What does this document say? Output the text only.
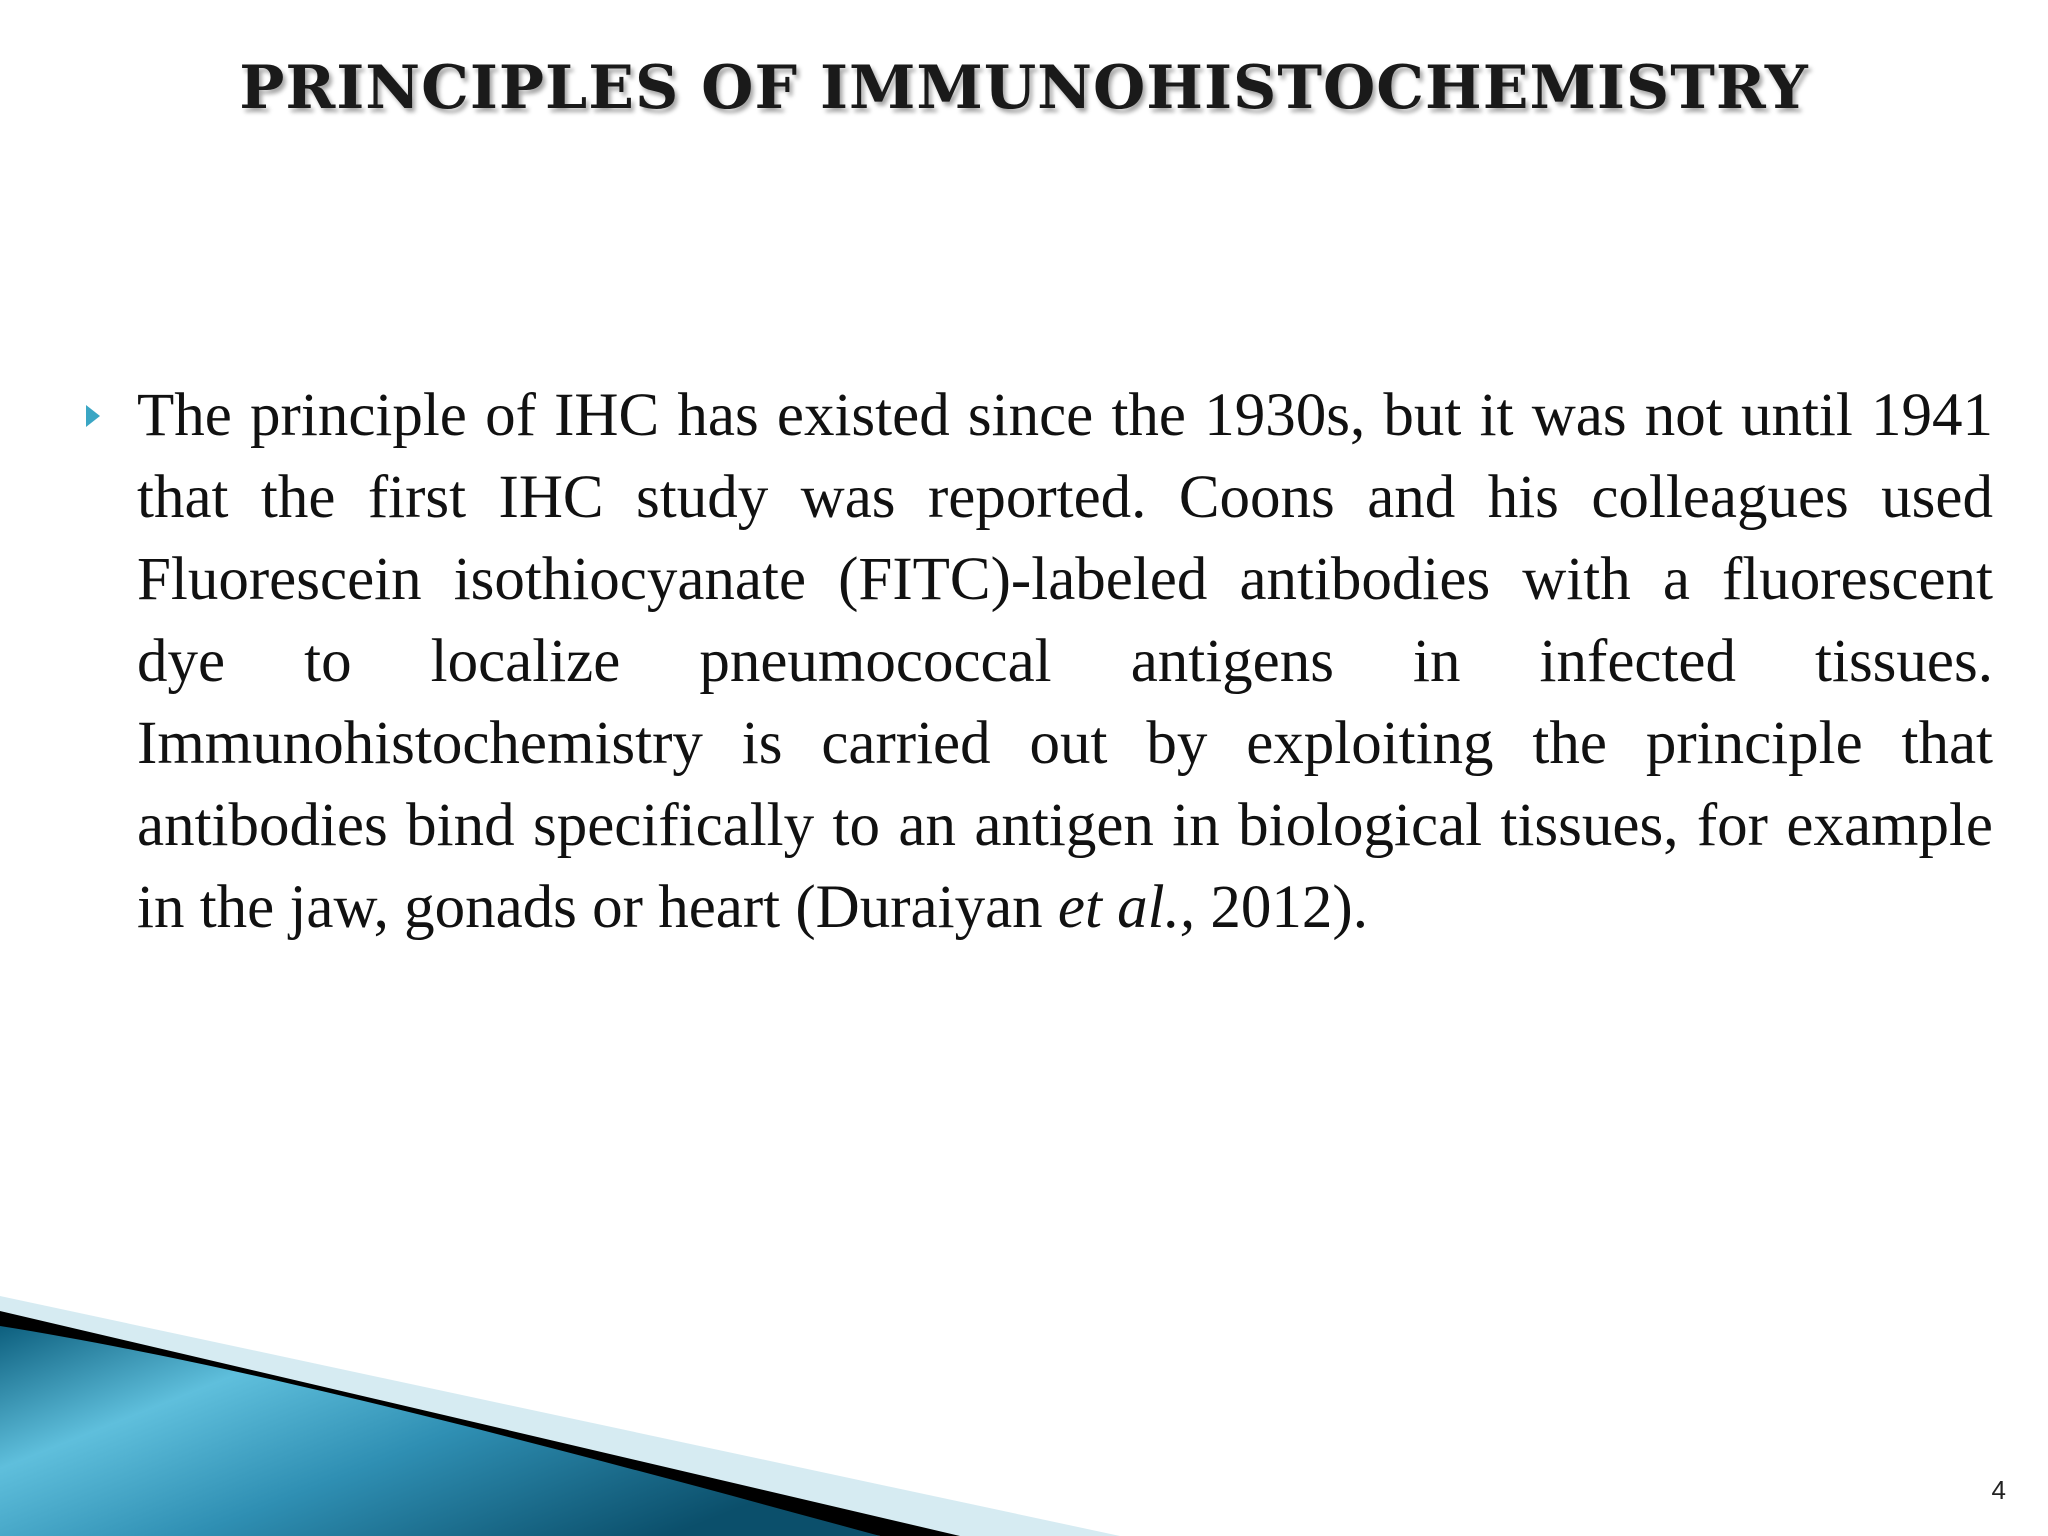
PRINCIPLES OF IMMUNOHISTOCHEMISTRY

The principle of IHC has existed since the 1930s, but it was not until 1941 that the first IHC study was reported. Coons and his colleagues used Fluorescein isothiocyanate (FITC)-labeled antibodies with a fluorescent dye to localize pneumococcal antigens in infected tissues. Immunohistochemistry is carried out by exploiting the principle that antibodies bind specifically to an antigen in biological tissues, for example in the jaw, gonads or heart (Duraiyan et al., 2012).

4
